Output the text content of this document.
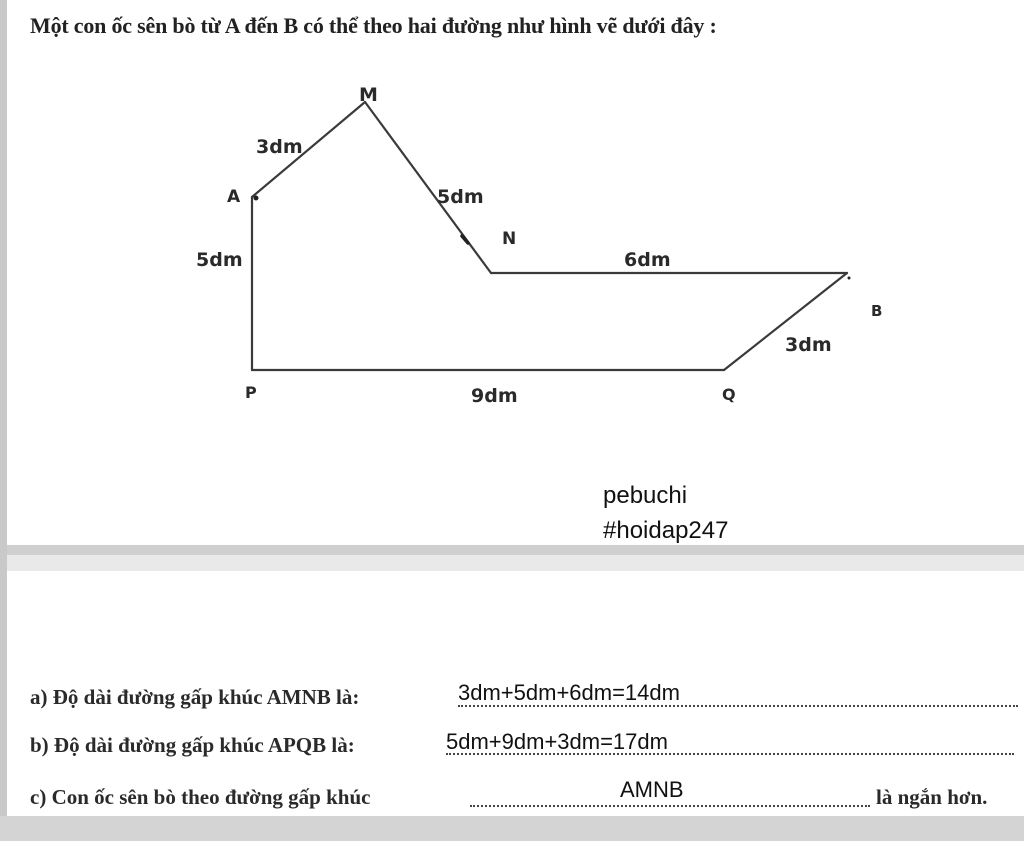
Một con ốc sên bò từ A đến B có thể theo hai đường như hình vẽ dưới đây :
M
A
N
B
P	Q
3dm
5dm
5dm	6dm
3dm
9dm
pebuchi
#hoidap247
a) Độ dài đường gấp khúc AMNB là:	3dm+5dm+6dm=14dm
b) Độ dài đường gấp khúc APQB là:	5dm+9dm+3dm=17dm
c) Con ốc sên bò theo đường gấp khúc	AMNB	là ngắn hơn.
